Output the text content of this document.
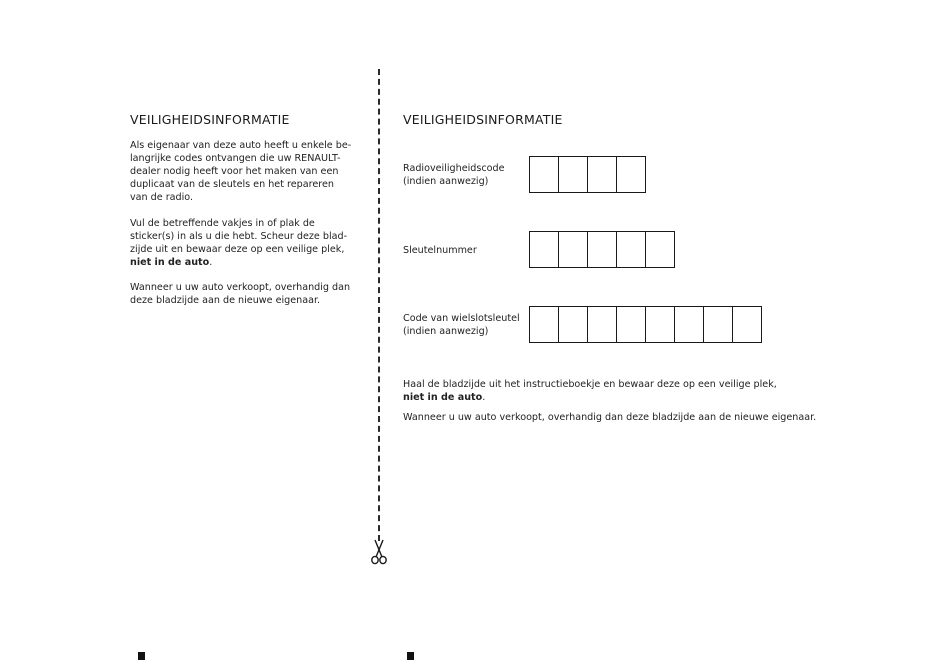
VEILIGHEIDSINFORMATIE

Als eigenaar van deze auto heeft u enkele be-
langrijke codes ontvangen die uw RENAULT-
dealer nodig heeft voor het maken van een
duplicaat van de sleutels en het repareren
van de radio.

Vul de betreffende vakjes in of plak de
sticker(s) in als u die hebt. Scheur deze blad-
zijde uit en bewaar deze op een veilige plek,
niet in de auto.

Wanneer u uw auto verkoopt, overhandig dan
deze bladzijde aan de nieuwe eigenaar.

VEILIGHEIDSINFORMATIE

Radioveiligheidscode
(indien aanwezig)

Sleutelnummer

Code van wielslotsleutel
(indien aanwezig)

Haal de bladzijde uit het instructieboekje en bewaar deze op een veilige plek,
niet in de auto.

Wanneer u uw auto verkoopt, overhandig dan deze bladzijde aan de nieuwe eigenaar.
